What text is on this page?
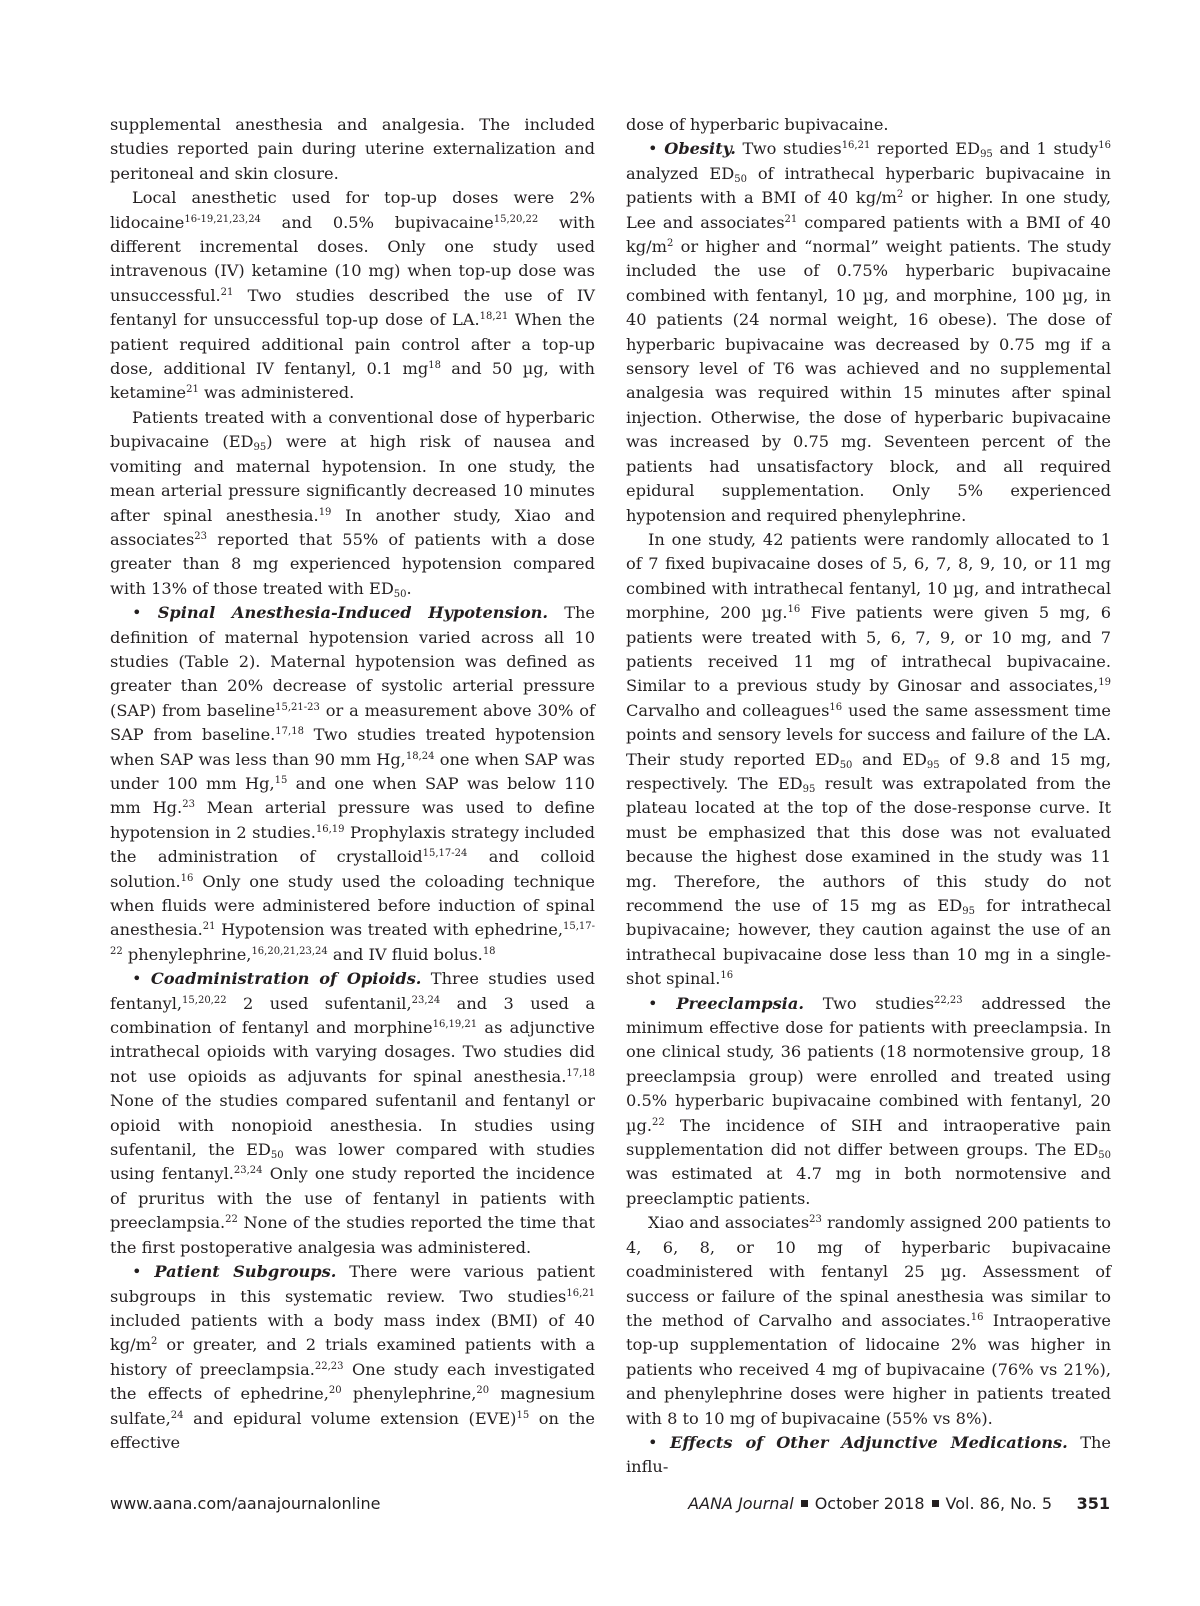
supplemental anesthesia and analgesia. The included studies reported pain during uterine externalization and peritoneal and skin closure.

Local anesthetic used for top-up doses were 2% lidocaine$^{16-19,21,23,24}$ and 0.5% bupivacaine$^{15,20,22}$ with different incremental doses. Only one study used intravenous (IV) ketamine (10 mg) when top-up dose was unsuccessful.$^{21}$ Two studies described the use of IV fentanyl for unsuccessful top-up dose of LA.$^{18,21}$ When the patient required additional pain control after a top-up dose, additional IV fentanyl, 0.1 $mg^{18}$ and 50 µg, with ketamine$^{21}$ was administered.

Patients treated with a conventional dose of hyperbaric bupivacaine $(ED_{95})$ were at high risk of nausea and vomiting and maternal hypotension. In one study, the mean arterial pressure significantly decreased 10 minutes after spinal anesthesia.$^{19}$ In another study, Xiao and associates$^{23}$ reported that 55% of patients with a dose greater than 8 mg experienced hypotension compared with 13% of those treated with $ED_{50}$.

• Spinal Anesthesia-Induced Hypotension. The definition of maternal hypotension varied across all 10 studies (Table 2). Maternal hypotension was defined as greater than 20% decrease of systolic arterial pressure (SAP) from baseline$^{15,21-23}$ or a measurement above 30% of SAP from baseline.$^{17,18}$ Two studies treated hypotension when SAP was less than 90 mm Hg,$^{18,24}$ one when SAP was under 100 mm Hg,$^{15}$ and one when SAP was below 110 mm Hg.$^{23}$ Mean arterial pressure was used to define hypotension in 2 studies.$^{16,19}$ Prophylaxis strategy included the administration of crystalloid$^{15,17-24}$ and colloid solution.$^{16}$ Only one study used the coloading technique when fluids were administered before induction of spinal anesthesia.$^{21}$ Hypotension was treated with ephedrine,$^{15,17-22}$ phenylephrine,$^{16,20,21,23,24}$ and IV fluid bolus.$^{18}$

• Coadministration of Opioids. Three studies used fentanyl,$^{15,20,22}$ 2 used sufentanil,$^{23,24}$ and 3 used a combination of fentanyl and morphine$^{16,19,21}$ as adjunctive intrathecal opioids with varying dosages. Two studies did not use opioids as adjuvants for spinal anesthesia.$^{17,18}$ None of the studies compared sufentanil and fentanyl or opioid with nonopioid anesthesia. In studies using sufentanil, the $ED_{50}$ was lower compared with studies using fentanyl.$^{23,24}$ Only one study reported the incidence of pruritus with the use of fentanyl in patients with preeclampsia.$^{22}$ None of the studies reported the time that the first postoperative analgesia was administered.

• Patient Subgroups. There were various patient subgroups in this systematic review. Two studies$^{16,21}$ included patients with a body mass index (BMI) of 40 $kg/m^2$ or greater, and 2 trials examined patients with a history of preeclampsia.$^{22,23}$ One study each investigated the effects of ephedrine,$^{20}$ phenylephrine,$^{20}$ magnesium sulfate,$^{24}$ and epidural volume extension (EVE)$^{15}$ on the effective

dose of hyperbaric bupivacaine.

• Obesity. Two studies$^{16,21}$ reported $ED_{95}$ and 1 study$^{16}$ analyzed $ED_{50}$ of intrathecal hyperbaric bupivacaine in patients with a BMI of 40 $kg/m^2$ or higher. In one study, Lee and associates$^{21}$ compared patients with a BMI of 40 $kg/m^2$ or higher and “normal” weight patients. The study included the use of 0.75% hyperbaric bupivacaine combined with fentanyl, 10 µg, and morphine, 100 µg, in 40 patients (24 normal weight, 16 obese). The dose of hyperbaric bupivacaine was decreased by 0.75 mg if a sensory level of T6 was achieved and no supplemental analgesia was required within 15 minutes after spinal injection. Otherwise, the dose of hyperbaric bupivacaine was increased by 0.75 mg. Seventeen percent of the patients had unsatisfactory block, and all required epidural supplementation. Only 5% experienced hypotension and required phenylephrine.

In one study, 42 patients were randomly allocated to 1 of 7 fixed bupivacaine doses of 5, 6, 7, 8, 9, 10, or 11 mg combined with intrathecal fentanyl, 10 µg, and intrathecal morphine, 200 µg.$^{16}$ Five patients were given 5 mg, 6 patients were treated with 5, 6, 7, 9, or 10 mg, and 7 patients received 11 mg of intrathecal bupivacaine. Similar to a previous study by Ginosar and associates,$^{19}$ Carvalho and colleagues$^{16}$ used the same assessment time points and sensory levels for success and failure of the LA. Their study reported $ED_{50}$ and $ED_{95}$ of 9.8 and 15 mg, respectively. The $ED_{95}$ result was extrapolated from the plateau located at the top of the dose-response curve. It must be emphasized that this dose was not evaluated because the highest dose examined in the study was 11 mg. Therefore, the authors of this study do not recommend the use of 15 mg as $ED_{95}$ for intrathecal bupivacaine; however, they caution against the use of an intrathecal bupivacaine dose less than 10 mg in a single-shot spinal.$^{16}$

• Preeclampsia. Two studies$^{22,23}$ addressed the minimum effective dose for patients with preeclampsia. In one clinical study, 36 patients (18 normotensive group, 18 preeclampsia group) were enrolled and treated using 0.5% hyperbaric bupivacaine combined with fentanyl, 20 µg.$^{22}$ The incidence of SIH and intraoperative pain supplementation did not differ between groups. The $ED_{50}$ was estimated at 4.7 mg in both normotensive and preeclamptic patients.

Xiao and associates$^{23}$ randomly assigned 200 patients to 4, 6, 8, or 10 mg of hyperbaric bupivacaine coadministered with fentanyl 25 µg. Assessment of success or failure of the spinal anesthesia was similar to the method of Carvalho and associates.$^{16}$ Intraoperative top-up supplementation of lidocaine 2% was higher in patients who received 4 mg of bupivacaine (76% vs 21%), and phenylephrine doses were higher in patients treated with 8 to 10 mg of bupivacaine (55% vs 8%).

• Effects of Other Adjunctive Medications. The influ-

www.aana.com/aanajournalonline	AANA Journal October 2018 Vol. 86, No. 5 351
